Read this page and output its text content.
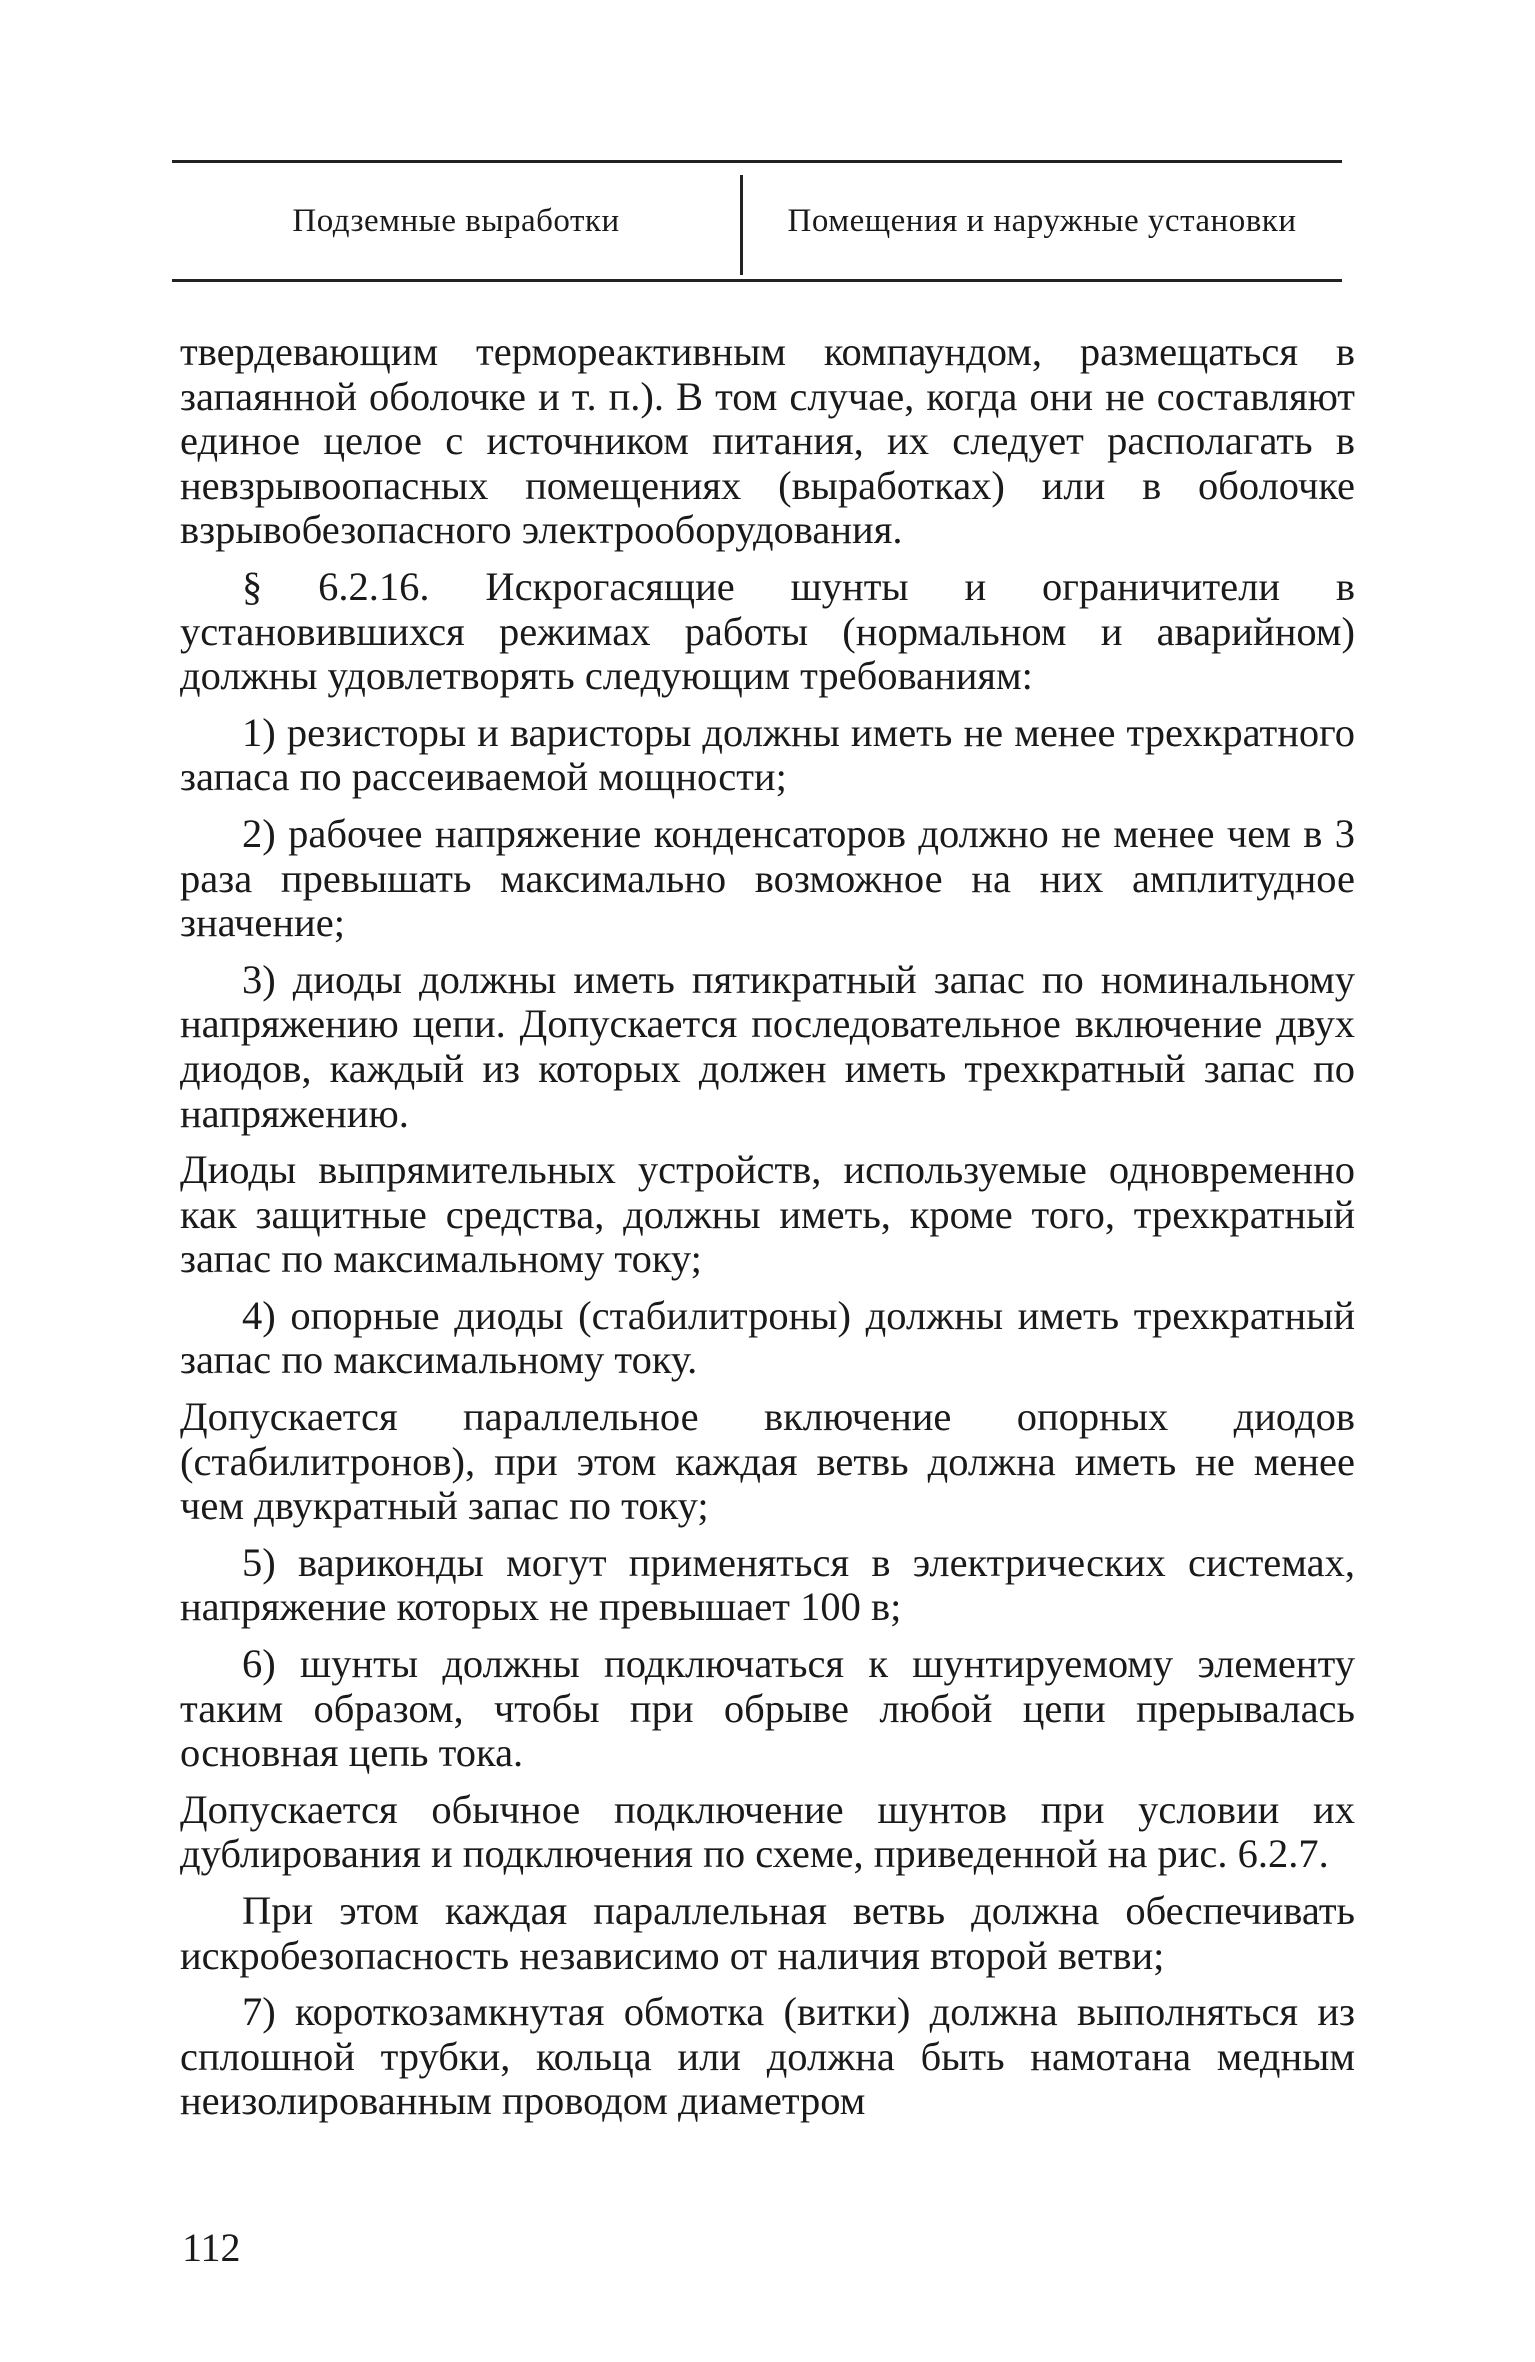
Подземные выработки	Помещения и наружные установки

твердевающим термореактивным компаундом, размещаться в запаянной оболочке и т. п.). В том случае, когда они не составляют единое целое с источником питания, их следует располагать в невзрывоопасных помещениях (выработках) или в оболочке взрывобезопасного электрооборудования.

§ 6.2.16. Искрогасящие шунты и ограничители в установившихся режимах работы (нормальном и аварийном) должны удовлетворять следующим требованиям:

1) резисторы и варисторы должны иметь не менее трехкратного запаса по рассеиваемой мощности;

2) рабочее напряжение конденсаторов должно не менее чем в 3 раза превышать максимально возможное на них амплитудное значение;

3) диоды должны иметь пятикратный запас по номинальному напряжению цепи. Допускается последовательное включение двух диодов, каждый из которых должен иметь трехкратный запас по напряжению.

Диоды выпрямительных устройств, используемые одновременно как защитные средства, должны иметь, кроме того, трехкратный запас по максимальному току;

4) опорные диоды (стабилитроны) должны иметь трехкратный запас по максимальному току.

Допускается параллельное включение опорных диодов (стабилитронов), при этом каждая ветвь должна иметь не менее чем двукратный запас по току;

5) вариконды могут применяться в электрических системах, напряжение которых не превышает 100 в;

6) шунты должны подключаться к шунтируемому элементу таким образом, чтобы при обрыве любой цепи прерывалась основная цепь тока.

Допускается обычное подключение шунтов при условии их дублирования и подключения по схеме, приведенной на рис. 6.2.7.

При этом каждая параллельная ветвь должна обеспечивать искробезопасность независимо от наличия второй ветви;

7) короткозамкнутая обмотка (витки) должна выполняться из сплошной трубки, кольца или должна быть намотана медным неизолированным проводом диаметром

112
